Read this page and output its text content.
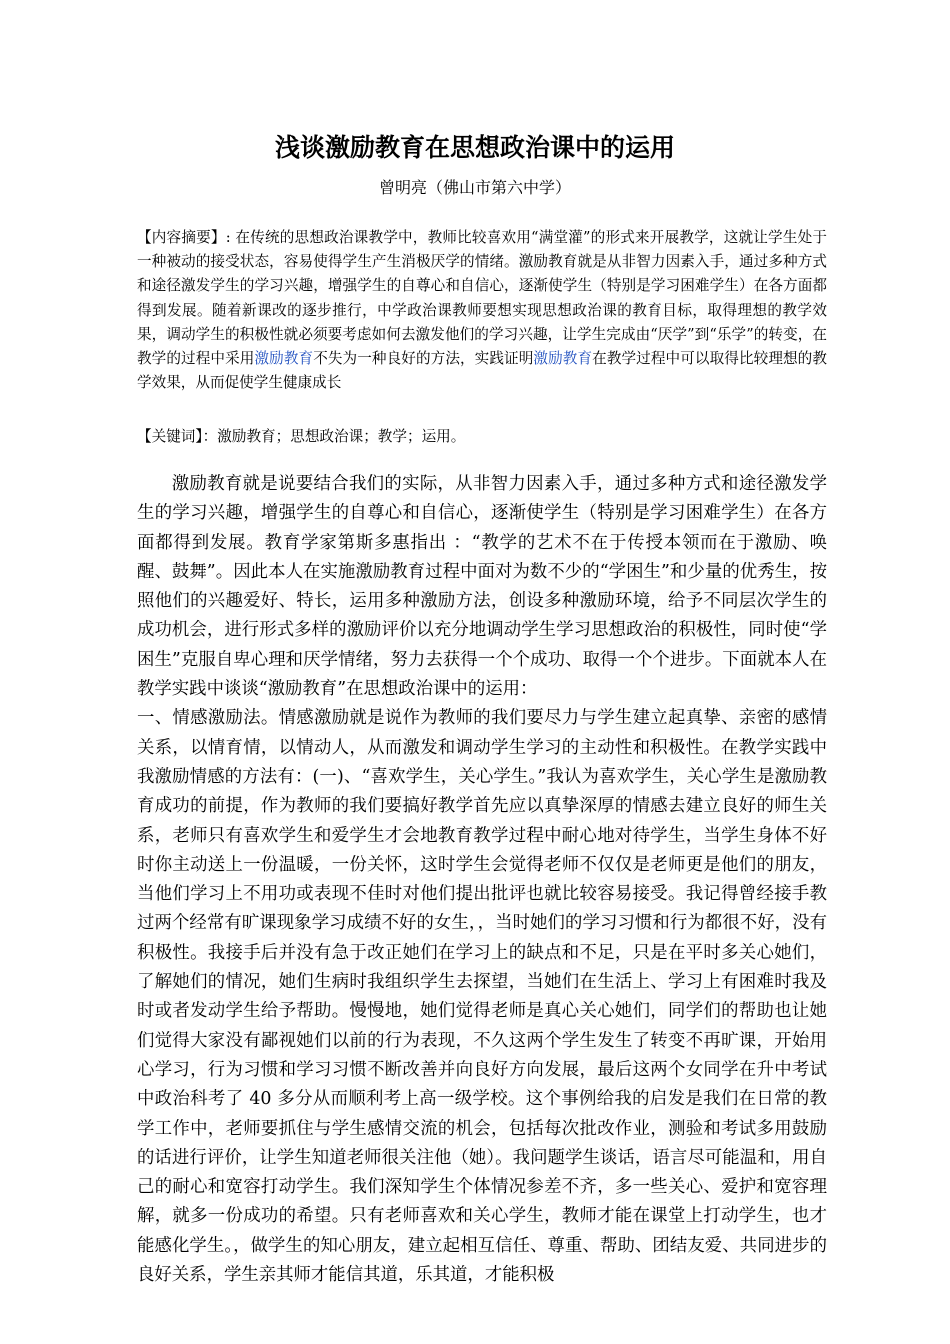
浅谈激励教育在思想政治课中的运用
曾明亮（佛山市第六中学）
【内容摘要】: 在传统的思想政治课教学中，教师比较喜欢用“满堂灌”的形式来开展教学，这就让学生处于一种被动的接受状态，容易使得学生产生消极厌学的情绪。激励教育就是从非智力因素入手，通过多种方式和途径激发学生的学习兴趣，增强学生的自尊心和自信心，逐渐使学生（特别是学习困难学生）在各方面都得到发展。随着新课改的逐步推行，中学政治课教师要想实现思想政治课的教育目标，取得理想的教学效果，调动学生的积极性就必须要考虑如何去激发他们的学习兴趣，让学生完成由“厌学”到“乐学”的转变，在教学的过程中采用激励教育不失为一种良好的方法，实践证明激励教育在教学过程中可以取得比较理想的教学效果，从而促使学生健康成长
【关键词】：激励教育；思想政治课；教学；运用。

激励教育就是说要结合我们的实际，从非智力因素入手，通过多种方式和途径激发学生的学习兴趣，增强学生的自尊心和自信心，逐渐使学生（特别是学习困难学生）在各方面都得到发展。教育学家第斯多惠指出 ：“教学的艺术不在于传授本领而在于激励、唤醒、鼓舞”。因此本人在实施激励教育过程中面对为数不少的“学困生”和少量的优秀生，按照他们的兴趣爱好、特长，运用多种激励方法，创设多种激励环境，给予不同层次学生的成功机会，进行形式多样的激励评价以充分地调动学生学习思想政治的积极性，同时使“学困生”克服自卑心理和厌学情绪，努力去获得一个个成功、取得一个个进步。下面就本人在教学实践中谈谈“激励教育”在思想政治课中的运用：

一、情感激励法。情感激励就是说作为教师的我们要尽力与学生建立起真挚、亲密的感情关系，以情育情，以情动人，从而激发和调动学生学习的主动性和积极性。在教学实践中我激励情感的方法有：(一)、“喜欢学生，关心学生。”我认为喜欢学生，关心学生是激励教育成功的前提，作为教师的我们要搞好教学首先应以真挚深厚的情感去建立良好的师生关系，老师只有喜欢学生和爱学生才会地教育教学过程中耐心地对待学生，当学生身体不好时你主动送上一份温暖，一份关怀，这时学生会觉得老师不仅仅是老师更是他们的朋友，当他们学习上不用功或表现不佳时对他们提出批评也就比较容易接受。我记得曾经接手教过两个经常有旷课现象学习成绩不好的女生，，当时她们的学习习惯和行为都很不好，没有积极性。我接手后并没有急于改正她们在学习上的缺点和不足，只是在平时多关心她们，了解她们的情况，她们生病时我组织学生去探望，当她们在生活上、学习上有困难时我及时或者发动学生给予帮助。慢慢地，她们觉得老师是真心关心她们，同学们的帮助也让她们觉得大家没有鄙视她们以前的行为表现，不久这两个学生发生了转变不再旷课，开始用心学习，行为习惯和学习习惯不断改善并向良好方向发展，最后这两个女同学在升中考试中政治科考了 40 多分从而顺利考上高一级学校。这个事例给我的启发是我们在日常的教学工作中，老师要抓住与学生感情交流的机会，包括每次批改作业，测验和考试多用鼓励的话进行评价，让学生知道老师很关注他（她）。我问题学生谈话，语言尽可能温和，用自己的耐心和宽容打动学生。我们深知学生个体情况参差不齐，多一些关心、爱护和宽容理解，就多一份成功的希望。只有老师喜欢和关心学生，教师才能在课堂上打动学生，也才能感化学生。，做学生的知心朋友，建立起相互信任、尊重、帮助、团结友爱、共同进步的良好关系，学生亲其师才能信其道，乐其道，才能积极
